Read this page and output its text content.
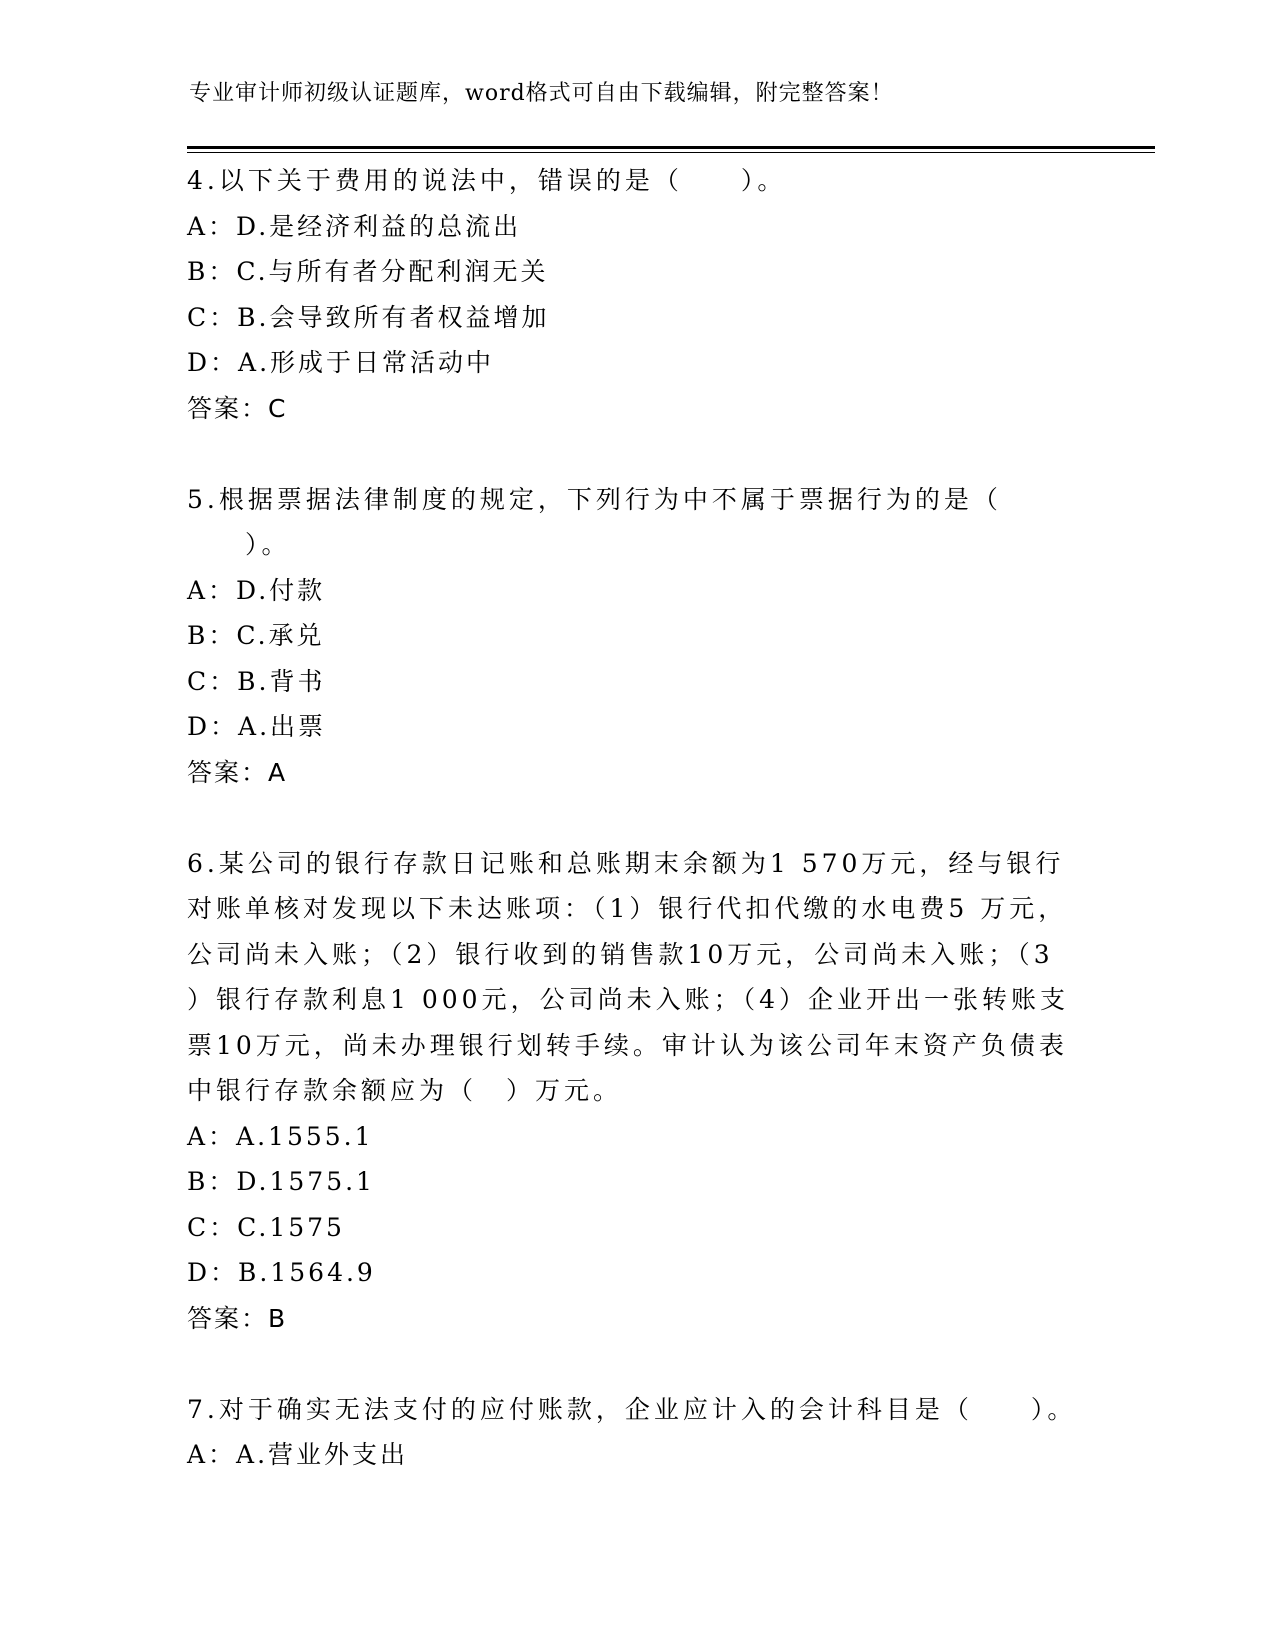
专业审计师初级认证题库，word格式可自由下载编辑，附完整答案！
4.以下关于费用的说法中，错误的是（　　）。
A：D.是经济利益的总流出
B：C.与所有者分配利润无关
C：B.会导致所有者权益增加
D：A.形成于日常活动中
答案：C
5.根据票据法律制度的规定，下列行为中不属于票据行为的是（
　　）。
A：D.付款
B：C.承兑
C：B.背书
D：A.出票
答案：A
6.某公司的银行存款日记账和总账期末余额为1 570万元，经与银行
对账单核对发现以下未达账项：（1）银行代扣代缴的水电费5 万元，
公司尚未入账；（2）银行收到的销售款10万元，公司尚未入账；（3
）银行存款利息1 000元，公司尚未入账；（4）企业开出一张转账支
票10万元，尚未办理银行划转手续。审计认为该公司年末资产负债表
中银行存款余额应为（　）万元。
A：A.1555.1
B：D.1575.1
C：C.1575
D：B.1564.9
答案：B
7.对于确实无法支付的应付账款，企业应计入的会计科目是（　　）。
A：A.营业外支出
